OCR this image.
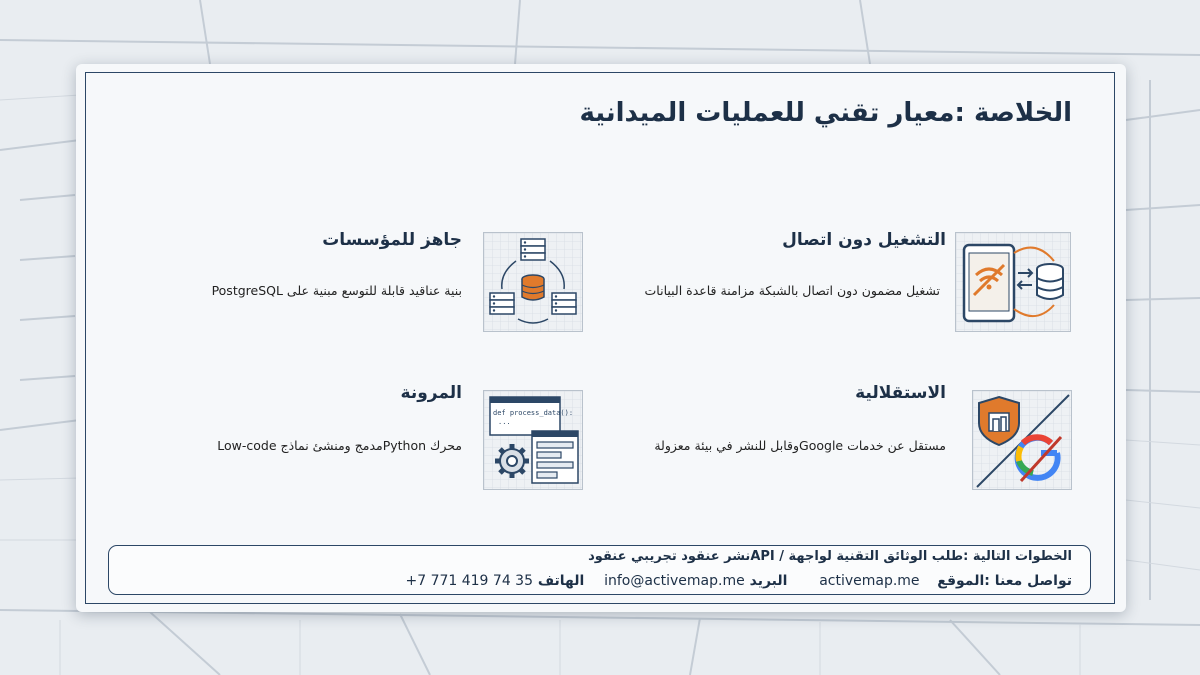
الخلاصة :معيار تقني للعمليات الميدانية
التشغيل دون اتصال
تشغيل مضمون دون اتصال بالشبكة مزامنة قاعدة البيانات
جاهز للمؤسسات
بنية عناقيد قابلة للتوسع مبنية على PostgreSQL
الاستقلالية
مستقل عن خدمات Googleوقابل للنشر في بيئة معزولة
المرونة
محرك Pythonمدمج ومنشئ نماذج Low-code
def process_data():
...
الخطوات التالية :طلب الوثائق التقنية لواجهة / APIنشر عنقود تجريبي عنقود
تواصل معنا :الموقع  activemap.me  البريد info@activemap.me  الهاتف +7 771 419 74 35
